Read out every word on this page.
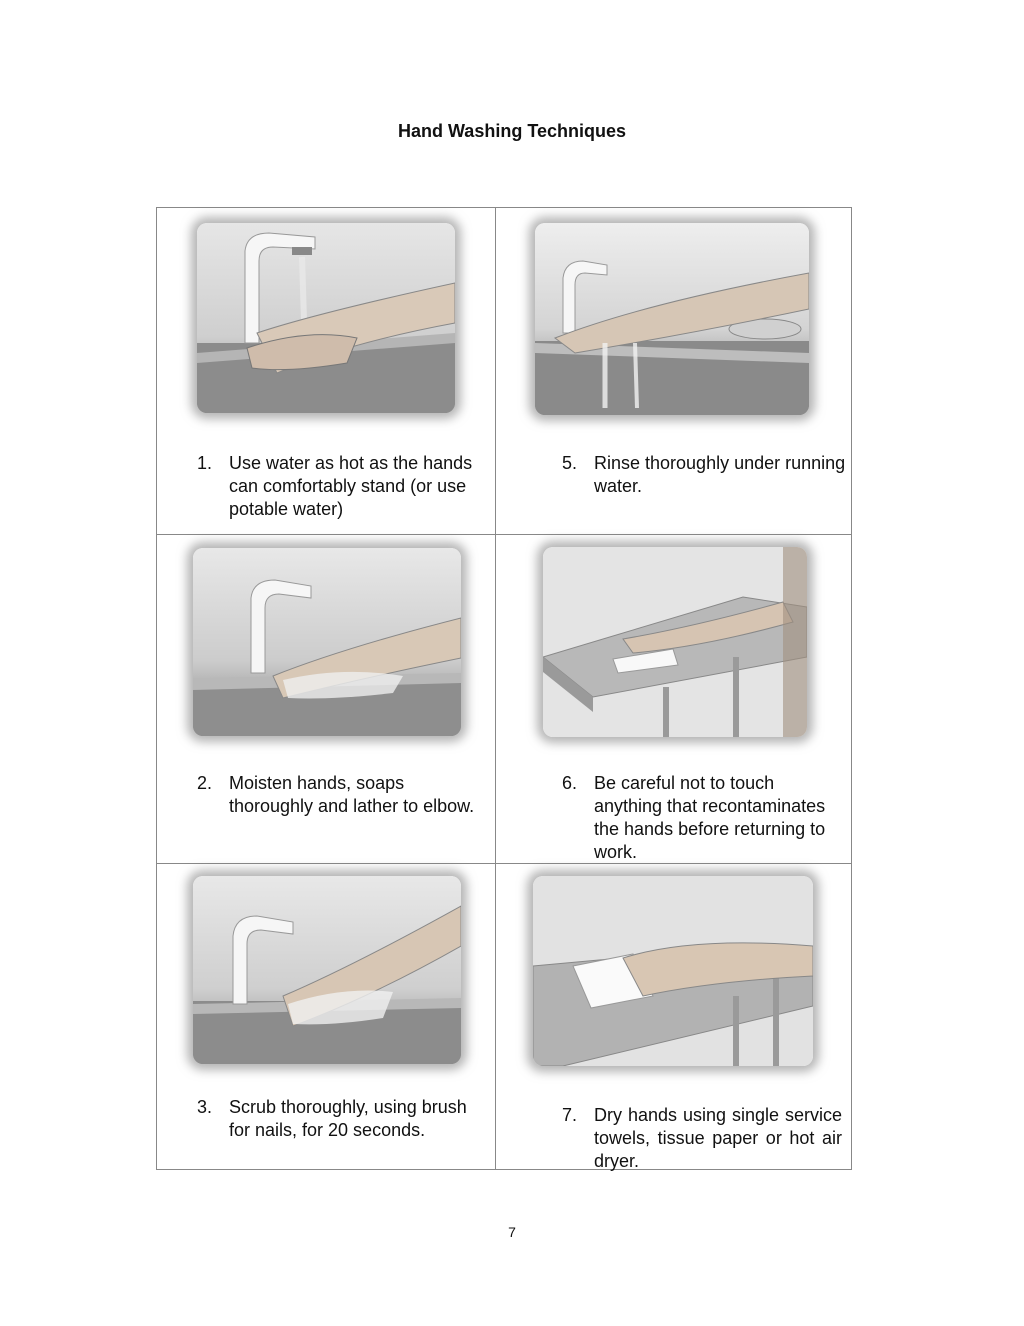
Hand Washing Techniques
1. Use water as hot as the hands can comfortably stand (or use potable water)
5. Rinse thoroughly under running water.
2. Moisten hands, soaps thoroughly and lather to elbow.
6. Be careful not to touch anything that recontaminates the hands before returning to work.
3. Scrub thoroughly, using brush for nails, for 20 seconds.
7. Dry hands using single service towels, tissue paper or hot air dryer.
7
